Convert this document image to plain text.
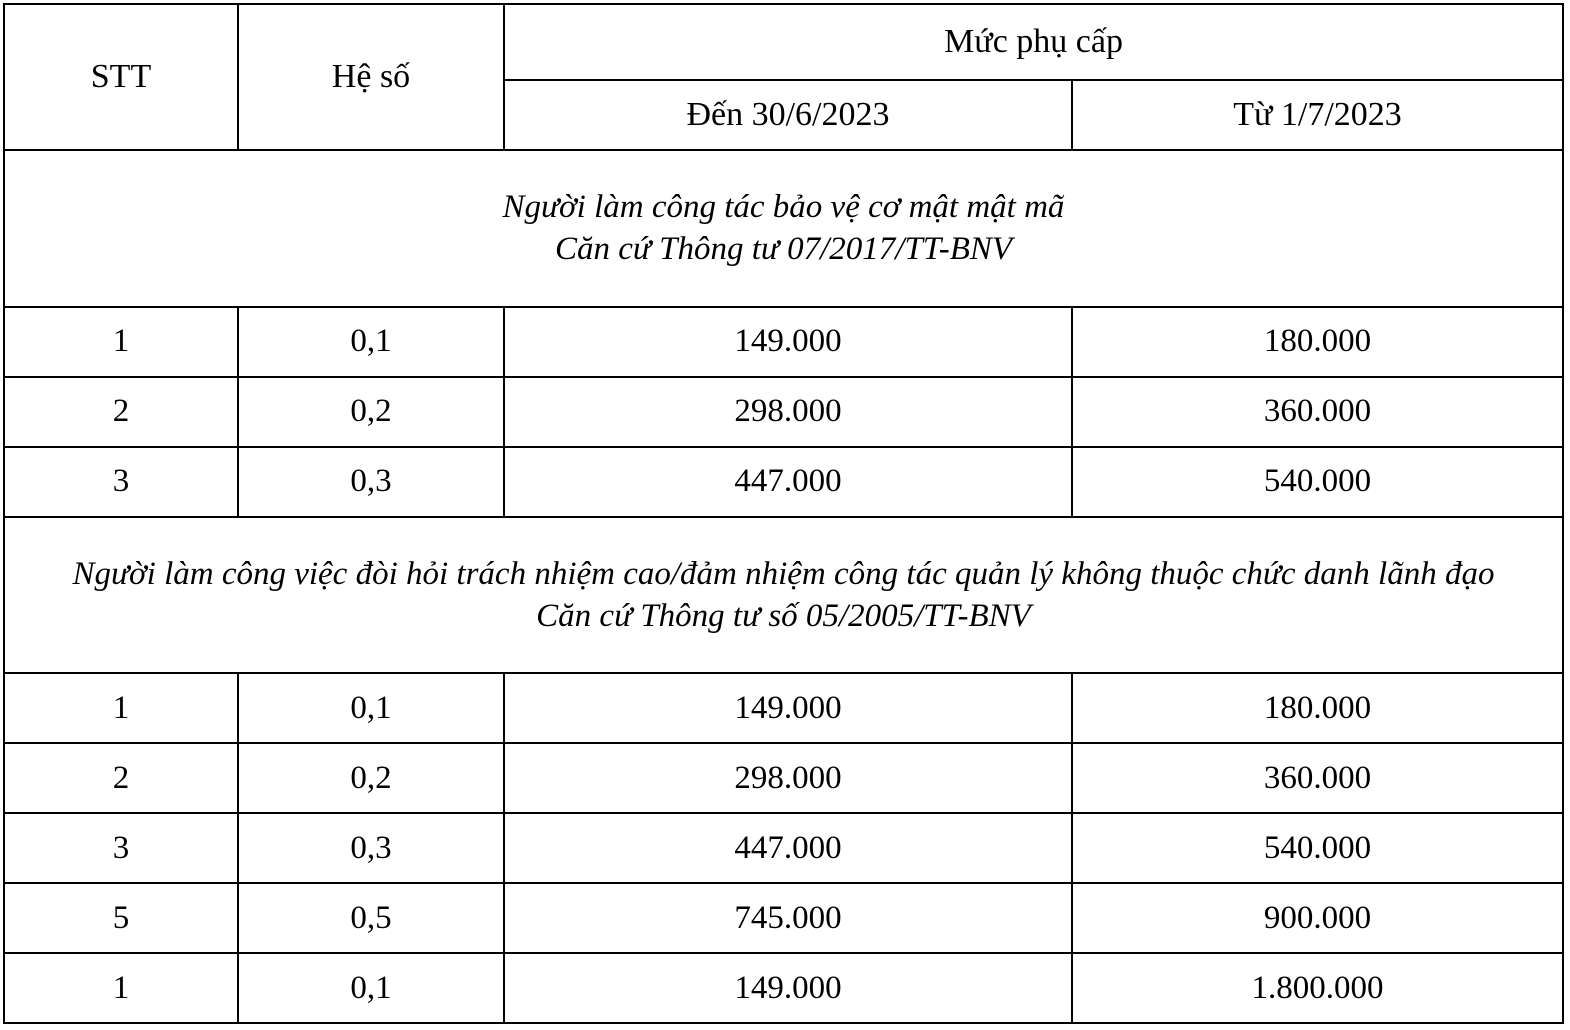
STT	Hệ số	Mức phụ cấp	
		Đến 30/6/2023	Từ 1/7/2023

Người làm công tác bảo vệ cơ mật mật mã
Căn cứ Thông tư 07/2017/TT-BNV			

1	0,1	149.000	180.000
2	0,2	298.000	360.000
3	0,3	447.000	540.000

Người làm công việc đòi hỏi trách nhiệm cao/đảm nhiệm công tác quản lý không thuộc chức danh lãnh đạo
Căn cứ Thông tư số 05/2005/TT-BNV			

1	0,1	149.000	180.000
2	0,2	298.000	360.000
3	0,3	447.000	540.000
5	0,5	745.000	900.000
1	0,1	149.000	1.800.000
